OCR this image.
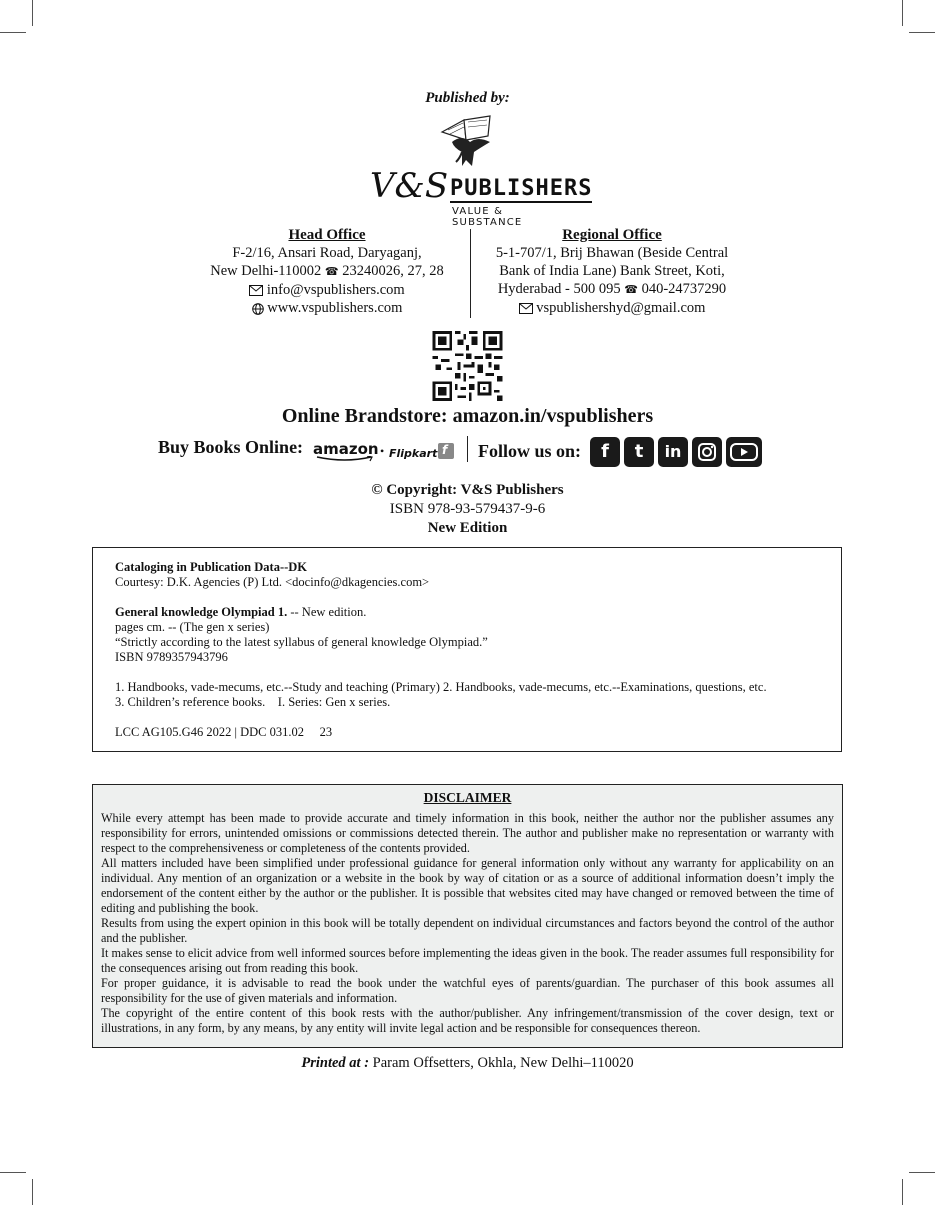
Published by:
V&S PUBLISHERS
VALUE & SUBSTANCE
Head Office
F-2/16, Ansari Road, Daryaganj,
New Delhi-110002 ☎ 23240026, 27, 28
info@vspublishers.com
www.vspublishers.com
Regional Office
5-1-707/1, Brij Bhawan (Beside Central
Bank of India Lane) Bank Street, Koti,
Hyderabad - 500 095 ☎ 040-24737290
vspublishershyd@gmail.com
Online Brandstore: amazon.in/vspublishers
Buy Books Online: amazon • Flipkart f Follow us on:	f	t	in
© Copyright: V&S Publishers
ISBN 978-93-579437-9-6
New Edition

Cataloging in Publication Data--DK

Courtesy: D.K. Agencies (P) Ltd. <docinfo@dkagencies.com>

General knowledge Olympiad 1. -- New edition.

pages cm. -- (The gen x series)

“Strictly according to the latest syllabus of general knowledge Olympiad.”

ISBN 9789357943796

1. Handbooks, vade-mecums, etc.--Study and teaching (Primary) 2. Handbooks, vade-mecums, etc.--Examinations, questions, etc.

3. Children’s reference books.    I. Series: Gen x series.

LCC AG105.G46 2022 | DDC 031.02     23

DISCLAIMER

While every attempt has been made to provide accurate and timely information in this book, neither the author nor the publisher assumes any responsibility for errors, unintended omissions or commissions detected therein. The author and publisher make no representation or warranty with respect to the comprehensiveness or completeness of the contents provided.

All matters included have been simplified under professional guidance for general information only without any warranty for applicability on an individual. Any mention of an organization or a website in the book by way of citation or as a source of additional information doesn’t imply the endorsement of the content either by the author or the publisher. It is possible that websites cited may have changed or removed between the time of editing and publishing the book.

Results from using the expert opinion in this book will be totally dependent on individual circumstances and factors beyond the control of the author and the publisher.

It makes sense to elicit advice from well informed sources before implementing the ideas given in the book. The reader assumes full responsibility for the consequences arising out from reading this book.

For proper guidance, it is advisable to read the book under the watchful eyes of parents/guardian. The purchaser of this book assumes all responsibility for the use of given materials and information.

The copyright of the entire content of this book rests with the author/publisher. Any infringement/transmission of the cover design, text or illustrations, in any form, by any means, by any entity will invite legal action and be responsible for consequences thereon.

Printed at : Param Offsetters, Okhla, New Delhi–110020
